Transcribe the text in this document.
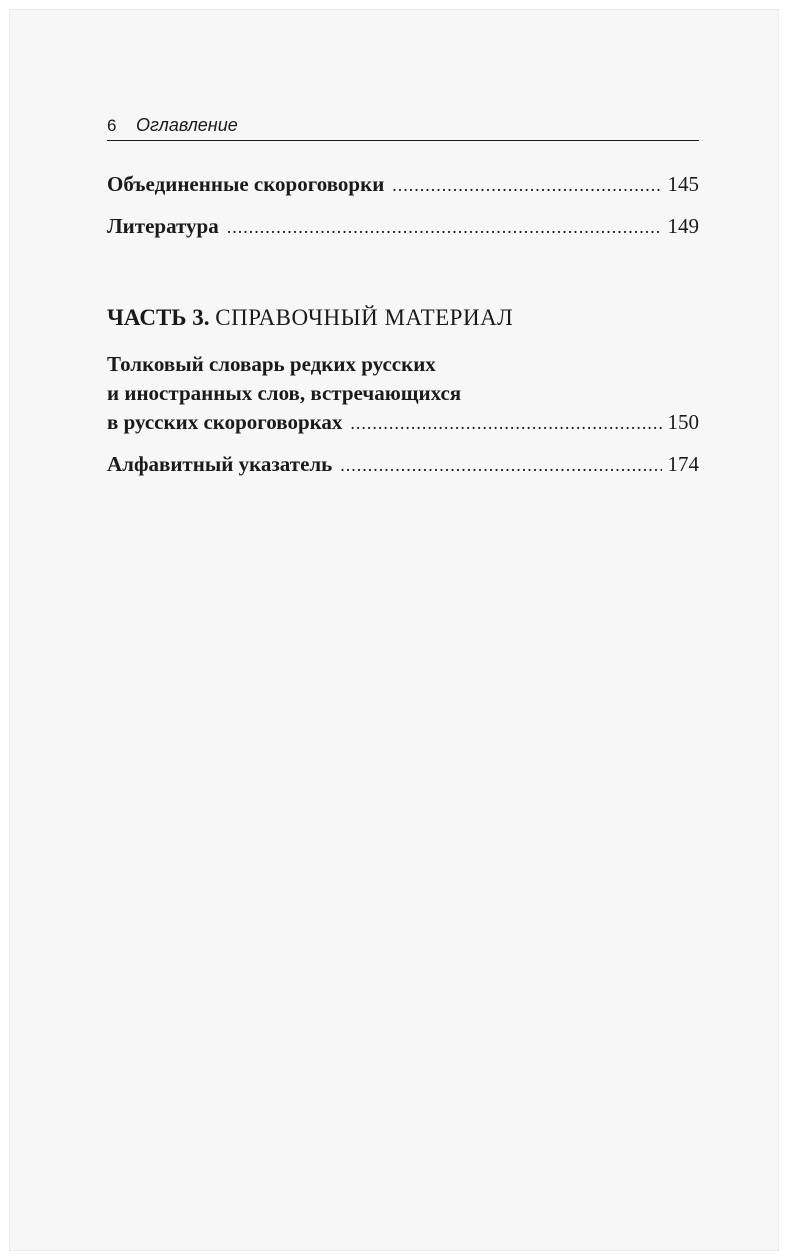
6 Оглавление
Объединенные скороговорки .....	145
Литература .....	149
ЧАСТЬ 3. СПРАВОЧНЫЙ МАТЕРИАЛ
Толковый словарь редких русских
и иностранных слов, встречающихся
в русских скороговорках .....	150
Алфавитный указатель .....	174
